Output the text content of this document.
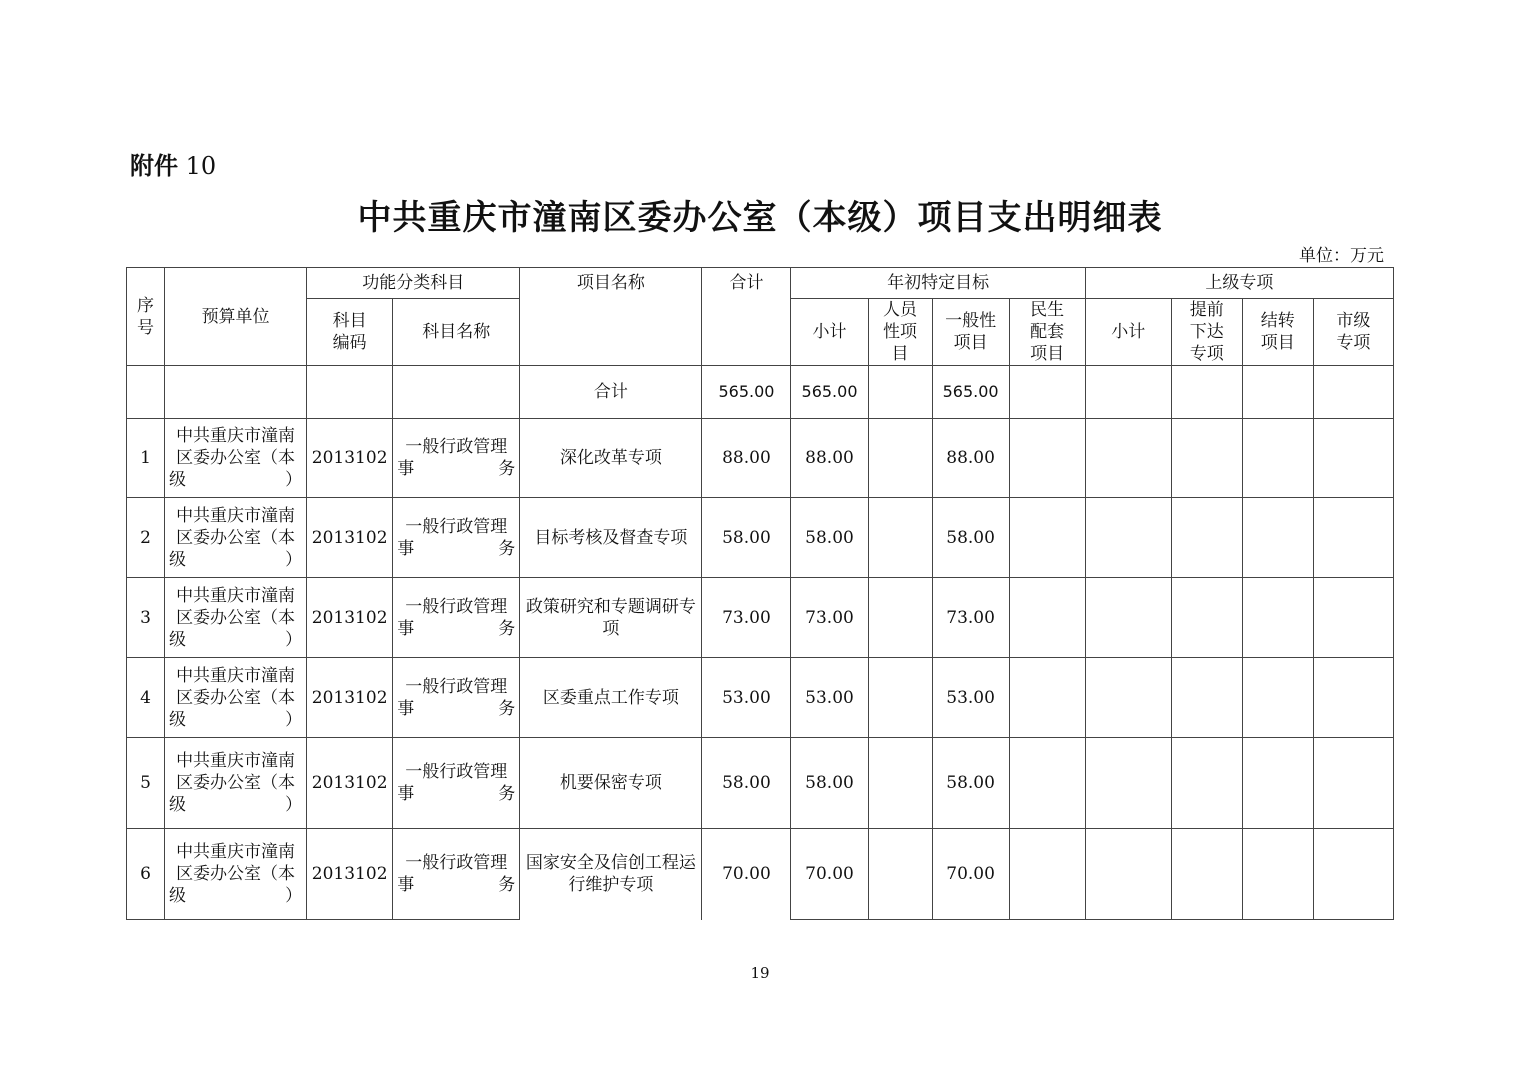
附件 10
中共重庆市潼南区委办公室（本级）项目支出明细表
单位：万元
序号	预算单位	功能分类科目		项目名称	合计	年初特定目标				上级专项			
		科目编码	科目名称			小计	人员性项目	一般性项目	民生配套项目	小计	提前下达专项	结转项目	市级专项
				合计	565.00	565.00		565.00					
1	中共重庆市潼南区委办公室（本级）	2013102	一般行政管理事务	深化改革专项	88.00	88.00		88.00					
2	中共重庆市潼南区委办公室（本级）	2013102	一般行政管理事务	目标考核及督查专项	58.00	58.00		58.00					
3	中共重庆市潼南区委办公室（本级）	2013102	一般行政管理事务	政策研究和专题调研专项	73.00	73.00		73.00					
4	中共重庆市潼南区委办公室（本级）	2013102	一般行政管理事务	区委重点工作专项	53.00	53.00		53.00					
5	中共重庆市潼南区委办公室（本级）	2013102	一般行政管理事务	机要保密专项	58.00	58.00		58.00					
6	中共重庆市潼南区委办公室（本级）	2013102	一般行政管理事务	国家安全及信创工程运行维护专项	70.00	70.00		70.00					
19
